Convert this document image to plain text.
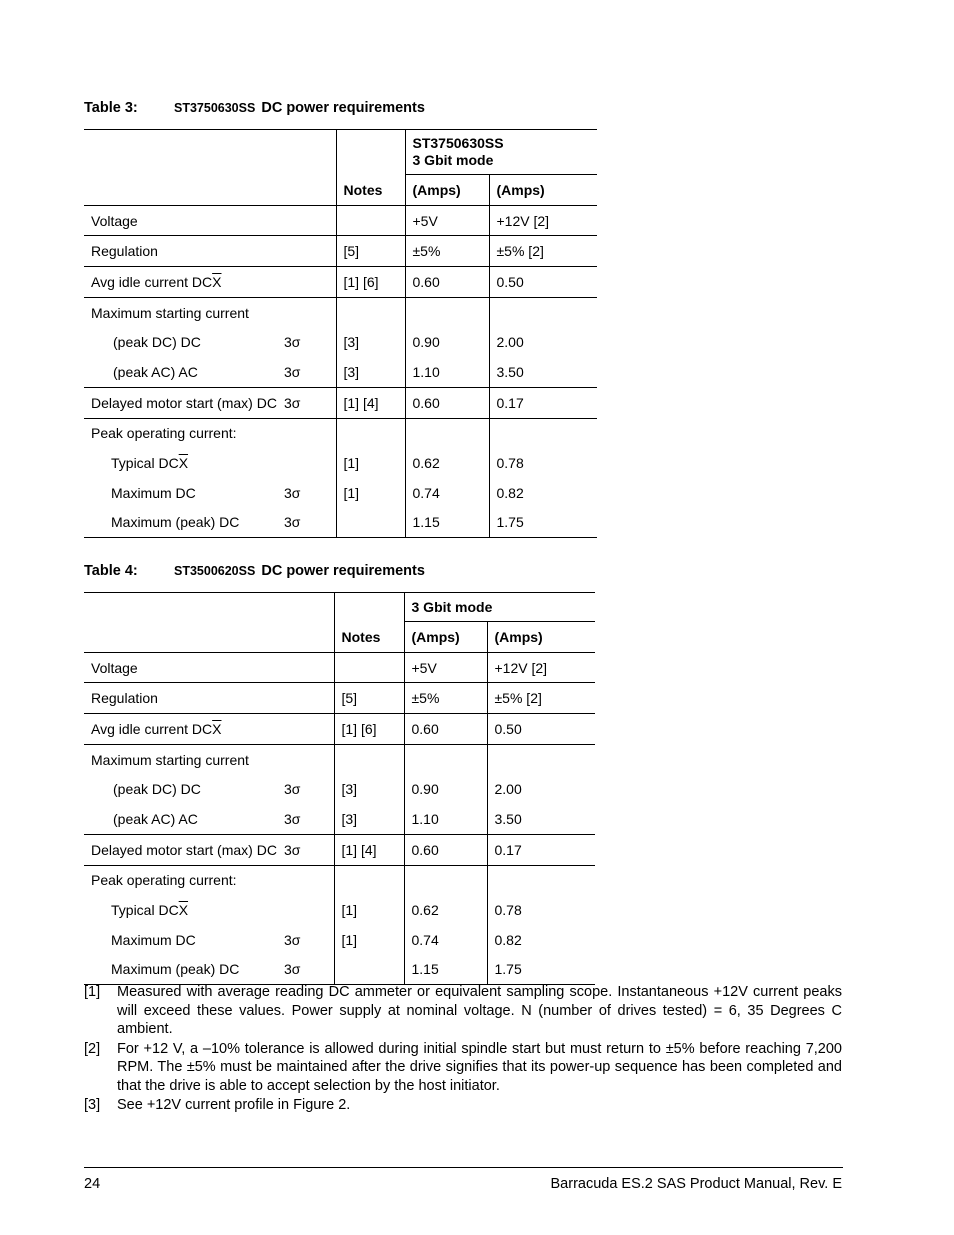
Table 3:	ST3750630SS DC power requirements
		Notes	ST3750630SS
3 Gbit mode	

			(Amps)	(Amps)
Voltage			+5V	+12V [2]
Regulation		[5]	±5%	±5% [2]
Avg idle current $DC\overline{X}$		[1] [6]	0.60	0.50
Maximum starting current				
(peak DC) DC	3σ	[3]	0.90	2.00
(peak AC) AC	3σ	[3]	1.10	3.50
Delayed motor start (max) DC	3σ	[1] [4]	0.60	0.17
Peak operating current:				
Typical $DC\overline{X}$		[1]	0.62	0.78
Maximum DC	3σ	[1]	0.74	0.82
Maximum (peak) DC	3σ		1.15	1.75
Table 4:	ST3500620SS DC power requirements
		Notes	3 Gbit mode	
			(Amps)	(Amps)
Voltage			+5V	+12V [2]
Regulation		[5]	±5%	±5% [2]
Avg idle current $DC\overline{X}$		[1] [6]	0.60	0.50
Maximum starting current				
(peak DC) DC	3σ	[3]	0.90	2.00
(peak AC) AC	3σ	[3]	1.10	3.50
Delayed motor start (max) DC	3σ	[1] [4]	0.60	0.17
Peak operating current:				
Typical $DC\overline{X}$		[1]	0.62	0.78
Maximum DC	3σ	[1]	0.74	0.82
Maximum (peak) DC	3σ		1.15	1.75
[1]	Measured with average reading DC ammeter or equivalent sampling scope. Instantaneous +12V current peaks will exceed these values. Power supply at nominal voltage. N (number of drives tested) = 6, 35 Degrees C ambient.
[2]	For +12 V, a –10% tolerance is allowed during initial spindle start but must return to ±5% before reaching 7,200 RPM. The ±5% must be maintained after the drive signifies that its power-up sequence has been completed and that the drive is able to accept selection by the host initiator.
[3]	See +12V current profile in Figure 2.
24	Barracuda ES.2 SAS Product Manual, Rev. E
